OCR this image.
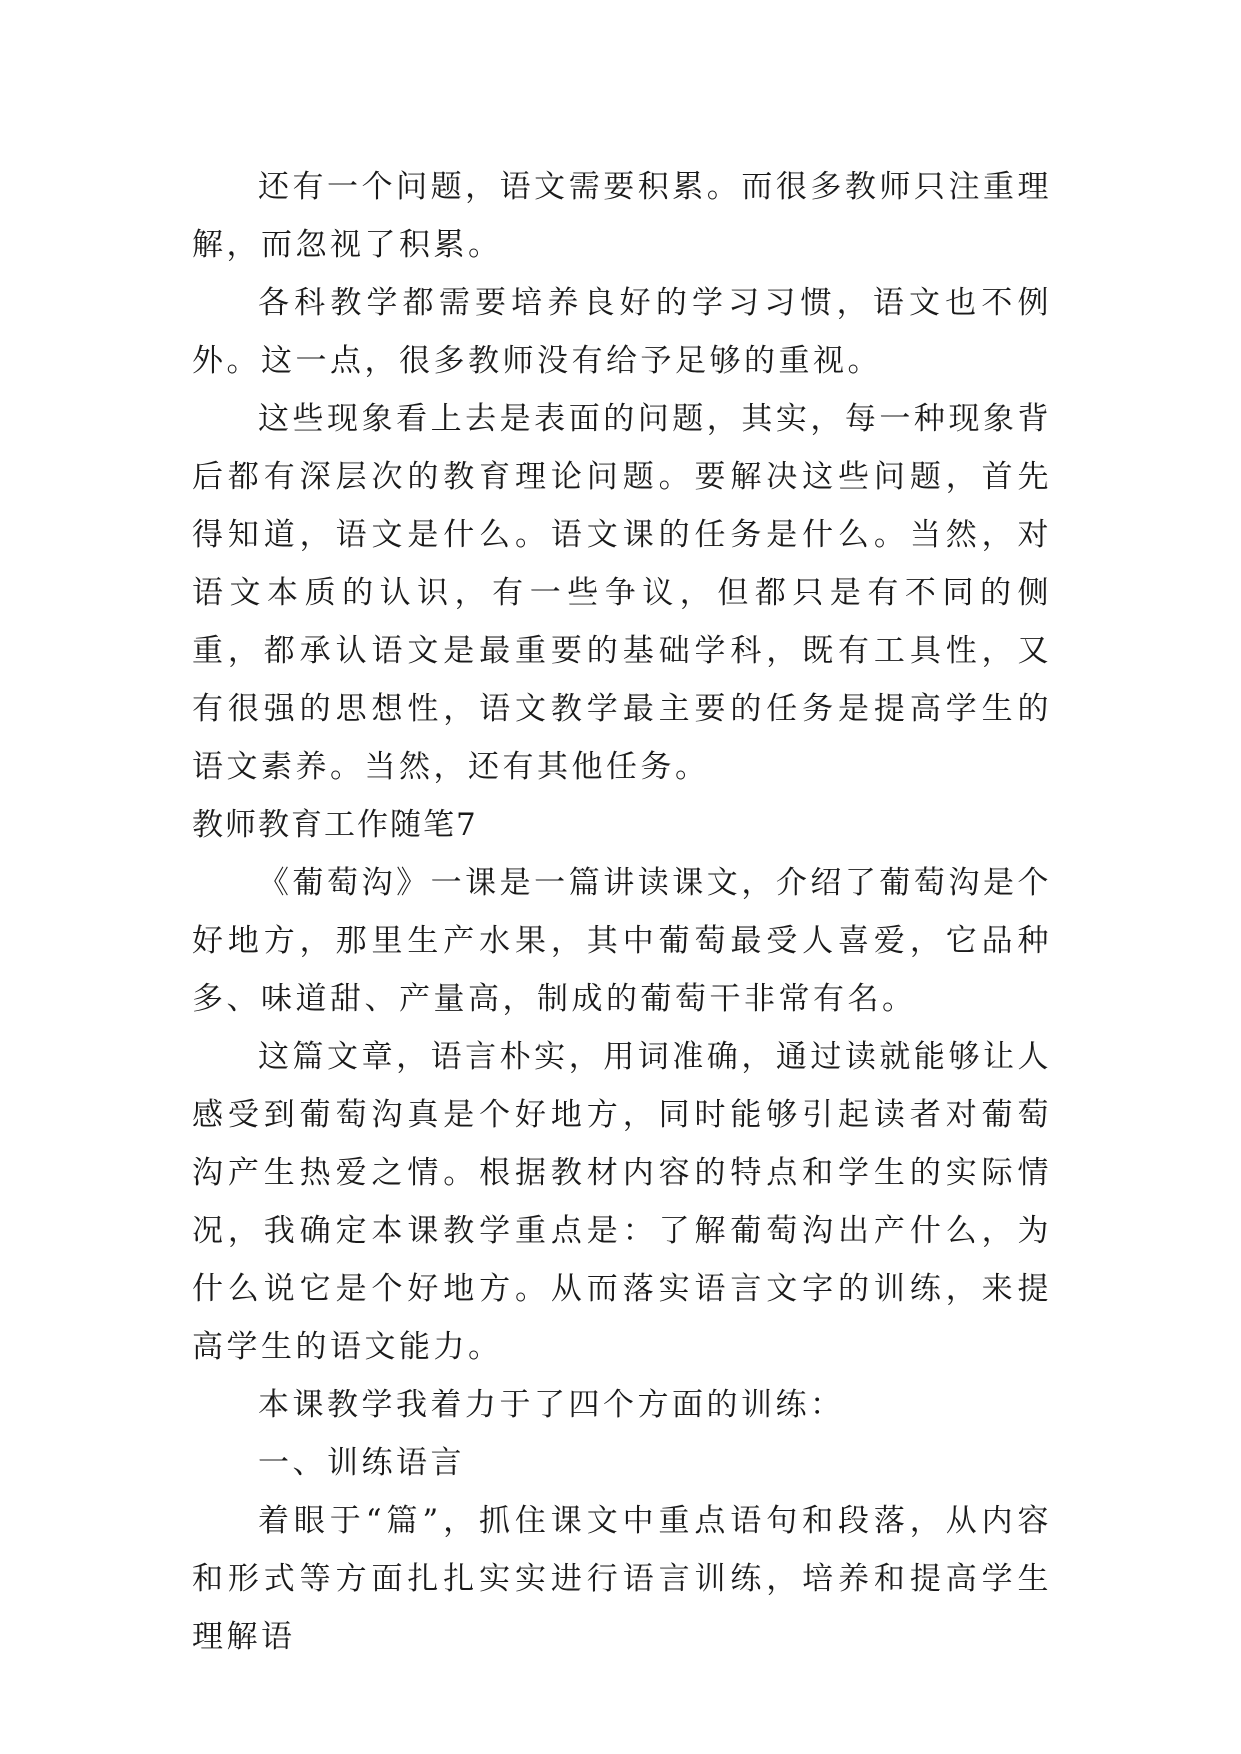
还有一个问题，语文需要积累。而很多教师只注重理解，而忽视了积累。

各科教学都需要培养良好的学习习惯，语文也不例外。这一点，很多教师没有给予足够的重视。

这些现象看上去是表面的问题，其实，每一种现象背后都有深层次的教育理论问题。要解决这些问题，首先得知道，语文是什么。语文课的任务是什么。当然，对语文本质的认识，有一些争议，但都只是有不同的侧重，都承认语文是最重要的基础学科，既有工具性，又有很强的思想性，语文教学最主要的任务是提高学生的语文素养。当然，还有其他任务。

教师教育工作随笔7

《葡萄沟》一课是一篇讲读课文，介绍了葡萄沟是个好地方，那里生产水果，其中葡萄最受人喜爱，它品种多、味道甜、产量高，制成的葡萄干非常有名。

这篇文章，语言朴实，用词准确，通过读就能够让人感受到葡萄沟真是个好地方，同时能够引起读者对葡萄沟产生热爱之情。根据教材内容的特点和学生的实际情况，我确定本课教学重点是：了解葡萄沟出产什么，为什么说它是个好地方。从而落实语言文字的训练，来提高学生的语文能力。

本课教学我着力于了四个方面的训练：

一、训练语言

着眼于“篇”，抓住课文中重点语句和段落，从内容和形式等方面扎扎实实进行语言训练，培养和提高学生理解语
